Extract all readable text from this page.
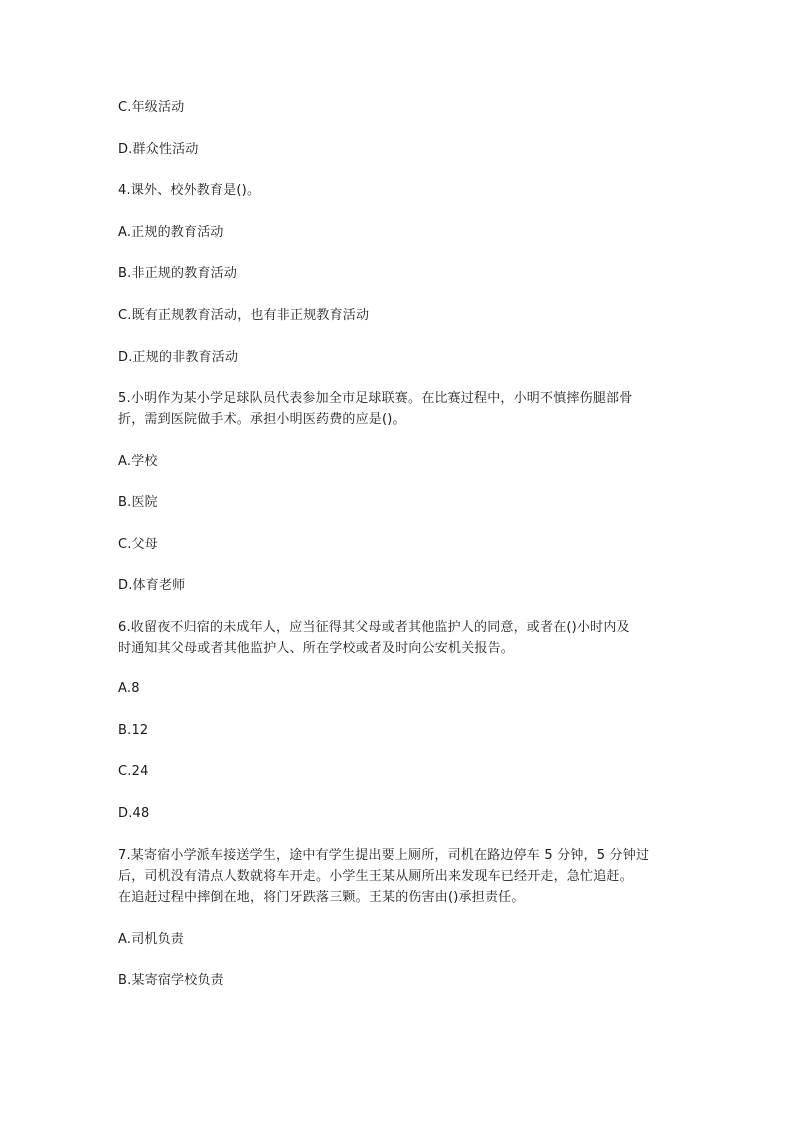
C.年级活动
D.群众性活动
4.课外、校外教育是()。
A.正规的教育活动
B.非正规的教育活动
C.既有正规教育活动，也有非正规教育活动
D.正规的非教育活动
5.小明作为某小学足球队员代表参加全市足球联赛。在比赛过程中，小明不慎摔伤腿部骨
折，需到医院做手术。承担小明医药费的应是()。
A.学校
B.医院
C.父母
D.体育老师
6.收留夜不归宿的未成年人，应当征得其父母或者其他监护人的同意，或者在()小时内及
时通知其父母或者其他监护人、所在学校或者及时向公安机关报告。
A.8
B.12
C.24
D.48
7.某寄宿小学派车接送学生，途中有学生提出要上厕所，司机在路边停车 5 分钟，5 分钟过
后，司机没有清点人数就将车开走。小学生王某从厕所出来发现车已经开走，急忙追赶。
在追赶过程中摔倒在地，将门牙跌落三颗。王某的伤害由()承担责任。
A.司机负责
B.某寄宿学校负责
